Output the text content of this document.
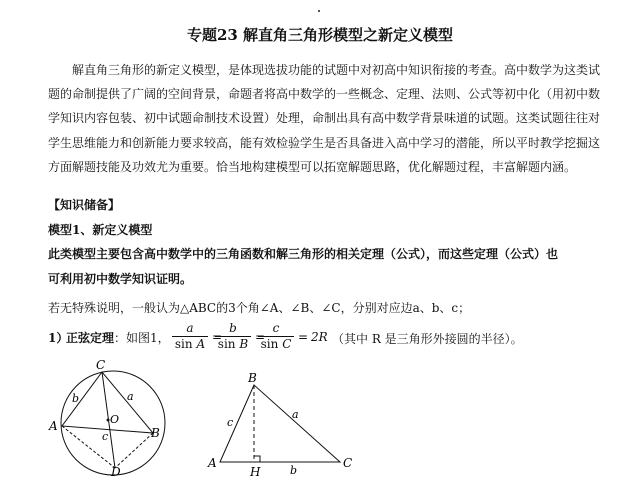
专题23 解直角三角形模型之新定义模型
解直角三角形的新定义模型，是体现选拔功能的试题中对初高中知识衔接的考查。高中数学为这类试
题的命制提供了广阔的空间背景，命题者将高中数学的一些概念、定理、法则、公式等初中化（用初中数
学知识内容包装、初中试题命制技术设置）处理，命制出具有高中数学背景味道的试题。这类试题往往对
学生思维能力和创新能力要求较高，能有效检验学生是否具备进入高中学习的潜能，所以平时教学挖掘这
方面解题技能及功效尤为重要。恰当地构建模型可以拓宽解题思路，优化解题过程，丰富解题内涵。
【知识储备】
模型1、新定义模型
此类模型主要包含高中数学中的三角函数和解三角形的相关定理（公式），而这些定理（公式）也
可利用初中数学知识证明。
若无特殊说明，一般认为△ABC的3个角∠A、∠B、∠C，分别对应边a、b、c；
1）
正弦定理 ：如图1， $\frac{a}{\text{sin A}}$ =
$\frac{b}{\text{sin B}}$ =
$\frac{c}{\text{sin C}} = 2R$ （其中 R 是三角形外接圆的半径）。
C
b	a
O
A
c	B
D
B
c
a
A
H	b
C
